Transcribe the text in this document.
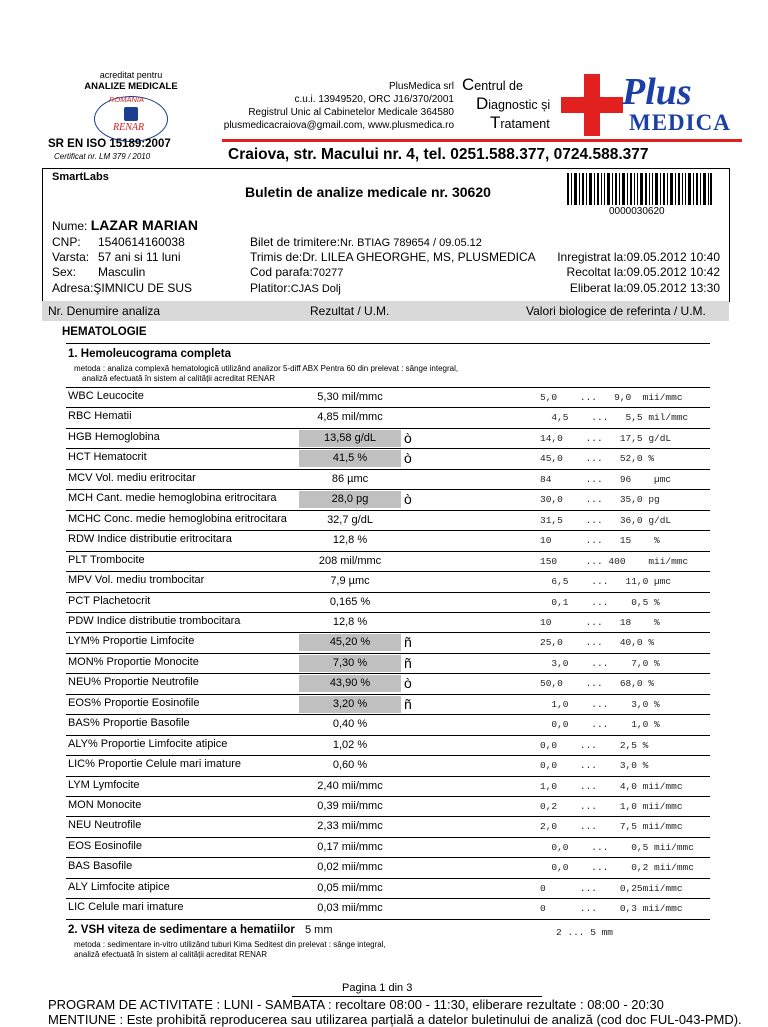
acreditat pentru
ANALIZE MEDICALE
ROMANIA
RENAR
SR EN ISO 15189:2007
Certificat nr. LM 379 / 2010
PlusMedica srl
c.u.i. 13949520, ORC J16/370/2001
Registrul Unic al Cabinetelor Medicale 364580
plusmedicacraiova@gmail.com, www.plusmedica.ro
Centrul de
Diagnostic și
Tratament
Plus
MEDICA
Craiova, str. Macului nr. 4, tel. 0251.588.377, 0724.588.377
SmartLabs
Buletin de analize medicale nr. 30620
0000030620
Nume: LAZAR MARIAN
CNP: 1540614160038
Varsta: 57 ani si 11 luni
Sex: Masculin
Adresa:ŞIMNICU DE SUS
Bilet de trimitere:Nr. BTIAG 789654 / 09.05.12
Trimis de:Dr. LILEA GHEORGHE, MS, PLUSMEDICA
Cod parafa:70277
Platitor:CJAS Dolj
Inregistrat la:09.05.2012 10:40
Recoltat la:09.05.2012 10:42
Eliberat la:09.05.2012 13:30
Nr. Denumire analiza	Rezultat / U.M.	Valori biologice de referinta / U.M.
HEMATOLOGIE
1. Hemoleucograma completa
metoda : analiza complexă hematologică utilizând analizor 5-diff ABX Pentra 60 din prelevat : sânge integral,
analiză efectuată în sistem al calității acreditat RENAR
WBC Leucocite	5,30 mil/mmc	5,0    ...   9,0  mii/mmc
RBC Hematii	4,85 mil/mmc	4,5    ...   5,5 mil/mmc
HGB Hemoglobina	13,58 g/dL	ò	14,0    ...   17,5 g/dL
HCT Hematocrit	41,5 %	ò	45,0    ...   52,0 %
MCV Vol. mediu eritrocitar	86 µmc	84      ...   96    µmc
MCH Cant. medie hemoglobina eritrocitara	28,0 pg	ò	30,0    ...   35,0 pg
MCHC Conc. medie hemoglobina eritrocitara	32,7 g/dL	31,5    ...   36,0 g/dL
RDW Indice distributie eritrocitara	12,8 %	10      ...   15    %
PLT Trombocite	208 mil/mmc	150     ... 400    mii/mmc
MPV Vol. mediu trombocitar	7,9 µmc	6,5    ...   11,0 µmc
PCT Plachetocrit	0,165 %	0,1    ...    0,5 %
PDW Indice distributie trombocitara	12,8 %	10      ...   18    %
LYM% Proportie Limfocite	45,20 %	ñ	25,0    ...   40,0 %
MON% Proportie Monocite	7,30 %	ñ	3,0    ...    7,0 %
NEU% Proportie Neutrofile	43,90 %	ò	50,0    ...   68,0 %
EOS% Proportie Eosinofile	3,20 %	ñ	1,0    ...    3,0 %
BAS% Proportie Basofile	0,40 %	0,0    ...    1,0 %
ALY% Proportie Limfocite atipice	1,02 %	0,0    ...    2,5 %
LIC% Proportie Celule mari imature	0,60 %	0,0    ...    3,0 %
LYM Lymfocite	2,40 mii/mmc	1,0    ...    4,0 mii/mmc
MON Monocite	0,39 mii/mmc	0,2    ...    1,0 mii/mmc
NEU Neutrofile	2,33 mii/mmc	2,0    ...    7,5 mii/mmc
EOS Eosinofile	0,17 mii/mmc	0,0    ...    0,5 mii/mmc
BAS Basofile	0,02 mii/mmc	0,0    ...    0,2 mii/mmc
ALY Limfocite atipice	0,05 mii/mmc	0      ...    0,25mii/mmc
LIC Celule mari imature	0,03 mii/mmc	0      ...    0,3 mii/mmc
2. VSH viteza de sedimentare a hematiilor 5 mm	2 ... 5 mm
metoda : sedimentare in-vitro utilizând tuburi Kima Seditest din prelevat : sânge integral,
analiză efectuată în sistem al calității acreditat RENAR
Pagina 1 din 3
PROGRAM DE ACTIVITATE : LUNI - SAMBATA : recoltare 08:00 - 11:30, eliberare rezultate : 08:00 - 20:30
MENTIUNE : Este prohibită reproducerea sau utilizarea parțială a datelor buletinului de analiză (cod doc FUL-043-PMD).
